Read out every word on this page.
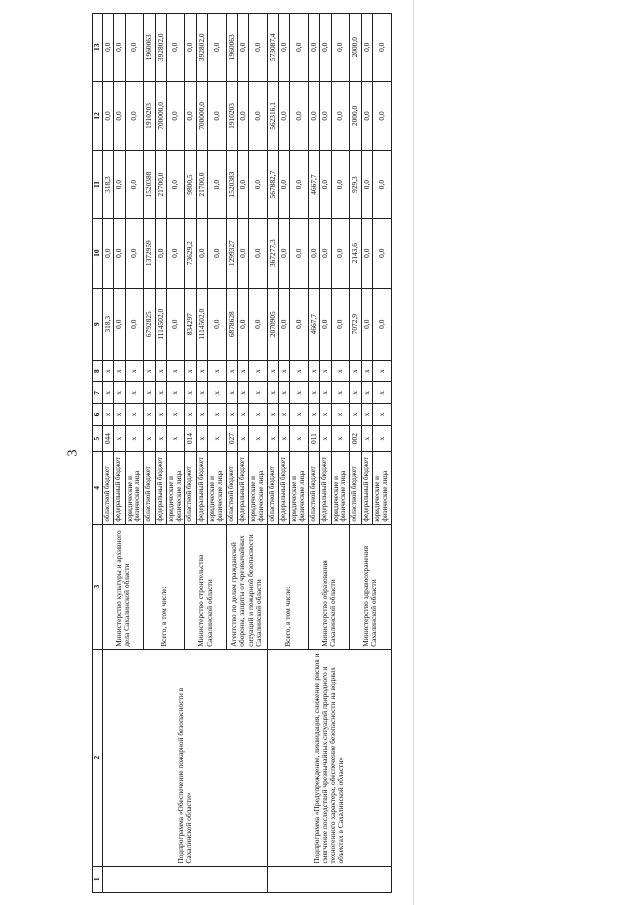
3
1	2	3	4	5	6	7	8	9	10	11	12	13
	Подпрограмма «Обеспечение пожарной безопасности в Сахалинской области»	Министерство культуры и архивного дела Сахалинской области	областной бюджет	044	x	x	x	318,3	0,0	318,3	0,0	0,0
			федеральный бюджет	x	x	x	x	0,0	0,0	0,0	0,0	0,0
			юридические и физические лица	x	x	x	x	0,0	0,0	0,0	0,0	0,0
		Всего, в том числе:	областной бюджет	x	x	x	x	6792825	1372959	1520388	1910203	1960063
			федеральный бюджет	x	x	x	x	1114502,0	0,0	21700,0	700000,0	392802,0
			юридические и физические лица	x	x	x	x	0,0	0,0	0,0	0,0	0,0
		Министерство строительства Сахалинской области	областной бюджет	014	x	x	x	834297	73629,2	9800,5	0,0	0,0
			федеральный бюджет	x	x	x	x	1114502,0	0,0	21700,0	700000,0	392802,0
			юридические и физические лица	x	x	x	x	0,0	0,0	0,0	0,0	0,0
		Агентство по делам гражданской обороны, защиты от чрезвычайных ситуаций и пожарной безопасности Сахалинской области	областной бюджет	027	x	x	x	6878628	1299327	1520383	1910203	1960063
			федеральный бюджет	x	x	x	x	0,0	0,0	0,0	0,0	0,0
			юридические и физические лица	x	x	x	x	0,0	0,0	0,0	0,0	0,0
	Подпрограмма «Предупреждение, ликвидация, снижение рисков и смягчение последствий чрезвычайных ситуаций природного и техногенного характера, обеспечение безопасности на водных объектах в Сахалинской области»	Всего, в том числе:	областной бюджет	x	x	x	x	2070905	367277,3	567882,7	562316,1	573087,4
			федеральный бюджет	x	x	x	x	0,0	0,0	0,0	0,0	0,0
			юридические и физические лица	x	x	x	x	0,0	0,0	0,0	0,0	0,0
		Министерство образования Сахалинской области	областной бюджет	011	x	x	x	4667,7	0,0	4667,7	0,0	0,0
			федеральный бюджет	x	x	x	x	0,0	0,0	0,0	0,0	0,0
			юридические и физические лица	x	x	x	x	0,0	0,0	0,0	0,0	0,0
		Министерство здравоохранения Сахалинской области	областной бюджет	002	x	x	x	7072,9	2143,6	929,3	2000,0	2000,0
			федеральный бюджет	x	x	x	x	0,0	0,0	0,0	0,0	0,0
			юридические и физические лица	x	x	x	x	0,0	0,0	0,0	0,0	0,0
